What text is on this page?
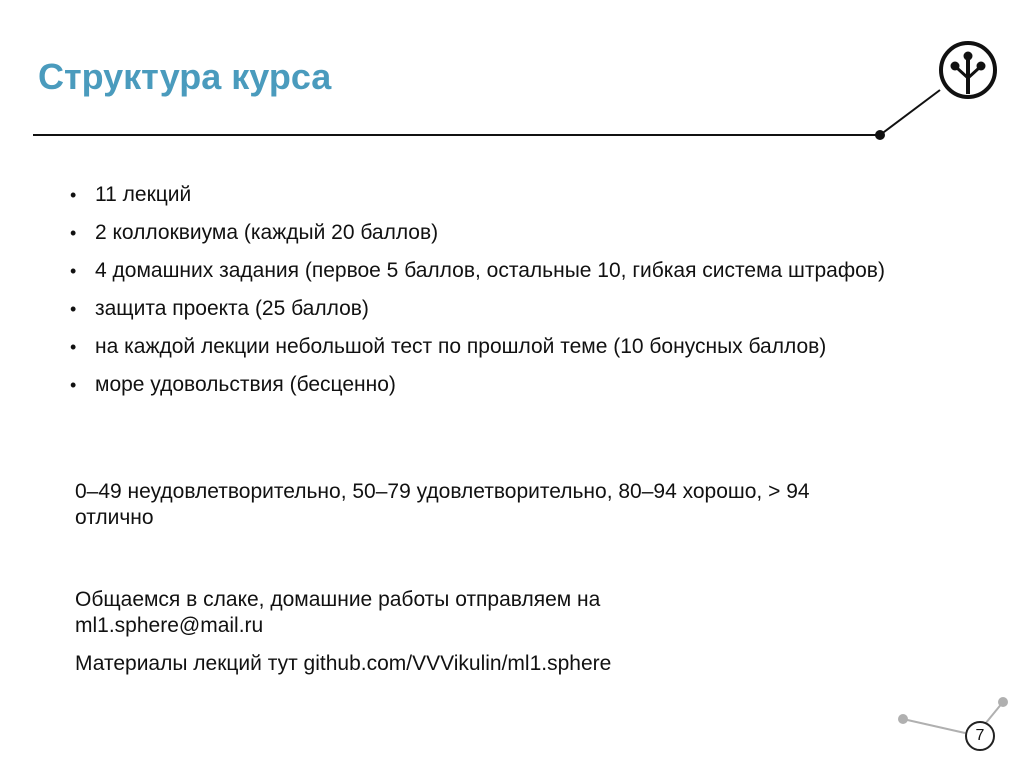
Структура курса
• 11 лекций
• 2 коллоквиума (каждый 20 баллов)
• 4 домашних задания (первое 5 баллов, остальные 10, гибкая система штрафов)
• защита проекта (25 баллов)
• на каждой лекции небольшой тест по прошлой теме (10 бонусных баллов)
• море удовольствия (бесценно)

0–49 неудовлетворительно, 50–79 удовлетворительно, 80–94 хорошо, > 94 отлично

Общаемся в слаке, домашние работы отправляем на ml1.sphere@mail.ru

Материалы лекций тут github.com/VVVikulin/ml1.sphere

7
